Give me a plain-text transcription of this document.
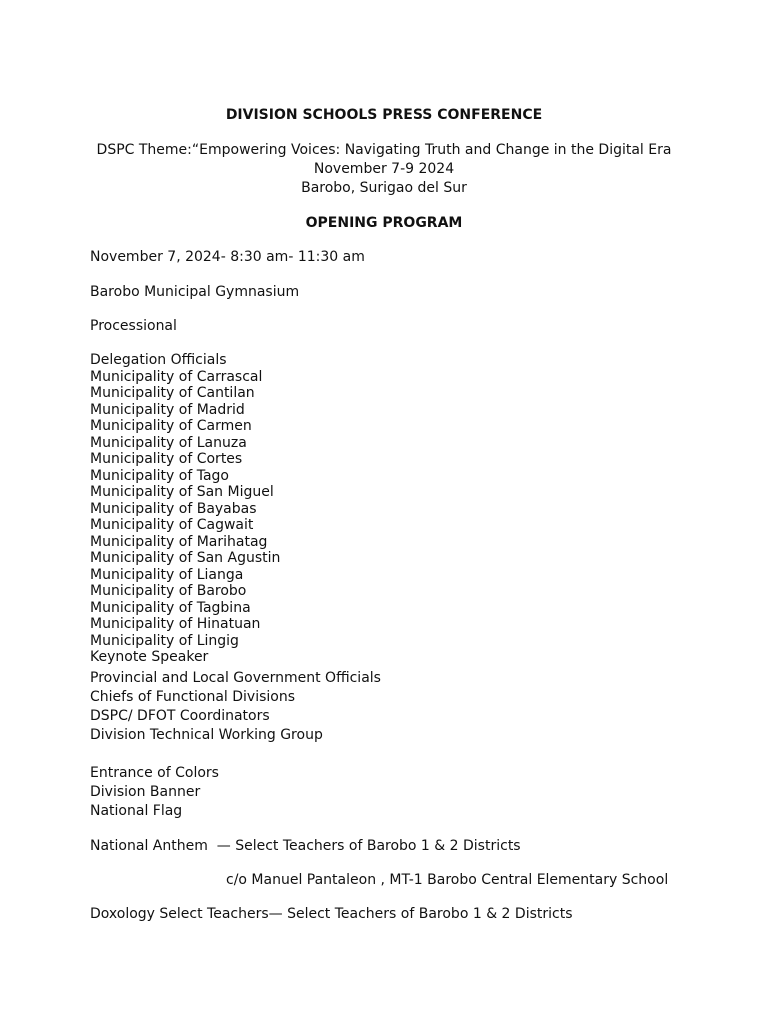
DIVISION SCHOOLS PRESS CONFERENCE

DSPC Theme:“Empowering Voices: Navigating Truth and Change in the Digital Era

November 7-9 2024

Barobo, Surigao del Sur

OPENING PROGRAM

November 7, 2024- 8:30 am- 11:30 am

Barobo Municipal Gymnasium

Processional

Delegation Officials
Municipality of Carrascal
Municipality of Cantilan
Municipality of Madrid
Municipality of Carmen
Municipality of Lanuza
Municipality of Cortes
Municipality of Tago
Municipality of San Miguel
Municipality of Bayabas
Municipality of Cagwait
Municipality of Marihatag
Municipality of San Agustin
Municipality of Lianga
Municipality of Barobo
Municipality of Tagbina
Municipality of Hinatuan
Municipality of Lingig
Keynote Speaker

Provincial and Local Government Officials

Chiefs of Functional Divisions

DSPC/ DFOT Coordinators

Division Technical Working Group

Entrance of Colors

Division Banner

National Flag

National Anthem  — Select Teachers of Barobo 1 & 2 Districts

c/o Manuel Pantaleon , MT-1 Barobo Central Elementary School

Doxology Select Teachers— Select Teachers of Barobo 1 & 2 Districts
